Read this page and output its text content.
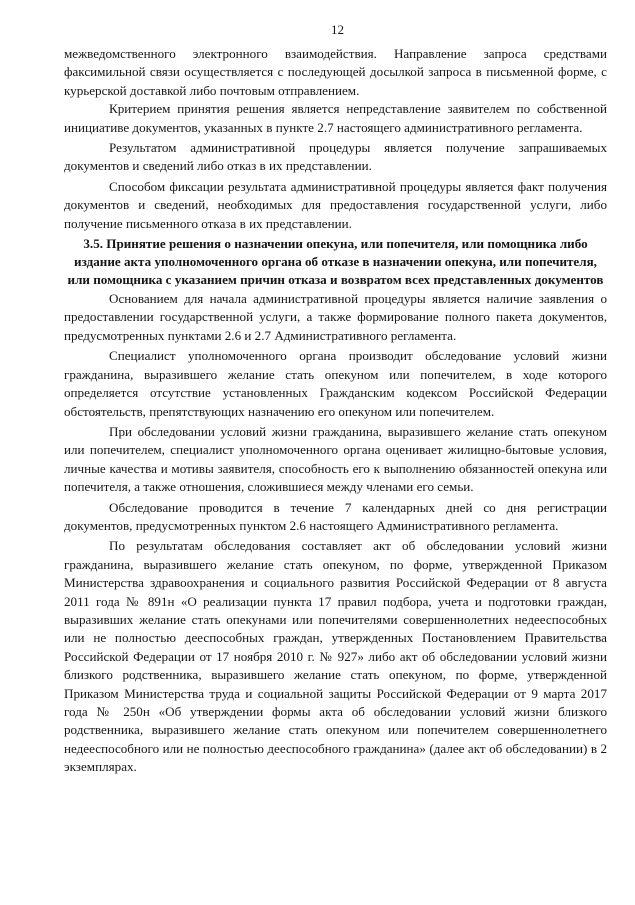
12

межведомственного электронного взаимодействия. Направление запроса средствами факсимильной связи осуществляется с последующей досылкой запроса в письменной форме, с курьерской доставкой либо почтовым отправлением.

Критерием принятия решения является непредставление заявителем по собственной инициативе документов, указанных в пункте 2.7 настоящего административного регламента.

Результатом административной процедуры является получение запрашиваемых документов и сведений либо отказ в их представлении.

Способом фиксации результата административной процедуры является факт получения документов и сведений, необходимых для предоставления государственной услуги, либо получение письменного отказа в их представлении.

3.5. Принятие решения о назначении опекуна, или попечителя, или помощника либо издание акта уполномоченного органа об отказе в назначении опекуна, или попечителя, или помощника с указанием причин отказа и возвратом всех представленных документов

Основанием для начала административной процедуры является наличие заявления о предоставлении государственной услуги, а также формирование полного пакета документов, предусмотренных пунктами 2.6 и 2.7 Административного регламента.

Специалист уполномоченного органа производит обследование условий жизни гражданина, выразившего желание стать опекуном или попечителем, в ходе которого определяется отсутствие установленных Гражданским кодексом Российской Федерации обстоятельств, препятствующих назначению его опекуном или попечителем.

При обследовании условий жизни гражданина, выразившего желание стать опекуном или попечителем, специалист уполномоченного органа оценивает жилищно-бытовые условия, личные качества и мотивы заявителя, способность его к выполнению обязанностей опекуна или попечителя, а также отношения, сложившиеся между членами его семьи.

Обследование проводится в течение 7 календарных дней со дня регистрации документов, предусмотренных пунктом 2.6 настоящего Административного регламента.

По результатам обследования составляет акт об обследовании условий жизни гражданина, выразившего желание стать опекуном, по форме, утвержденной Приказом Министерства здравоохранения и социального развития Российской Федерации от 8 августа 2011 года № 891н «О реализации пункта 17 правил подбора, учета и подготовки граждан, выразивших желание стать опекунами или попечителями совершеннолетних недееспособных или не полностью дееспособных граждан, утвержденных Постановлением Правительства Российской Федерации от 17 ноября 2010 г. № 927» либо акт об обследовании условий жизни близкого родственника, выразившего желание стать опекуном, по форме, утвержденной Приказом Министерства труда и социальной защиты Российской Федерации от 9 марта 2017 года № 250н «Об утверждении формы акта об обследовании условий жизни близкого родственника, выразившего желание стать опекуном или попечителем совершеннолетнего недееспособного или не полностью дееспособного гражданина» (далее акт об обследовании) в 2 экземплярах.
